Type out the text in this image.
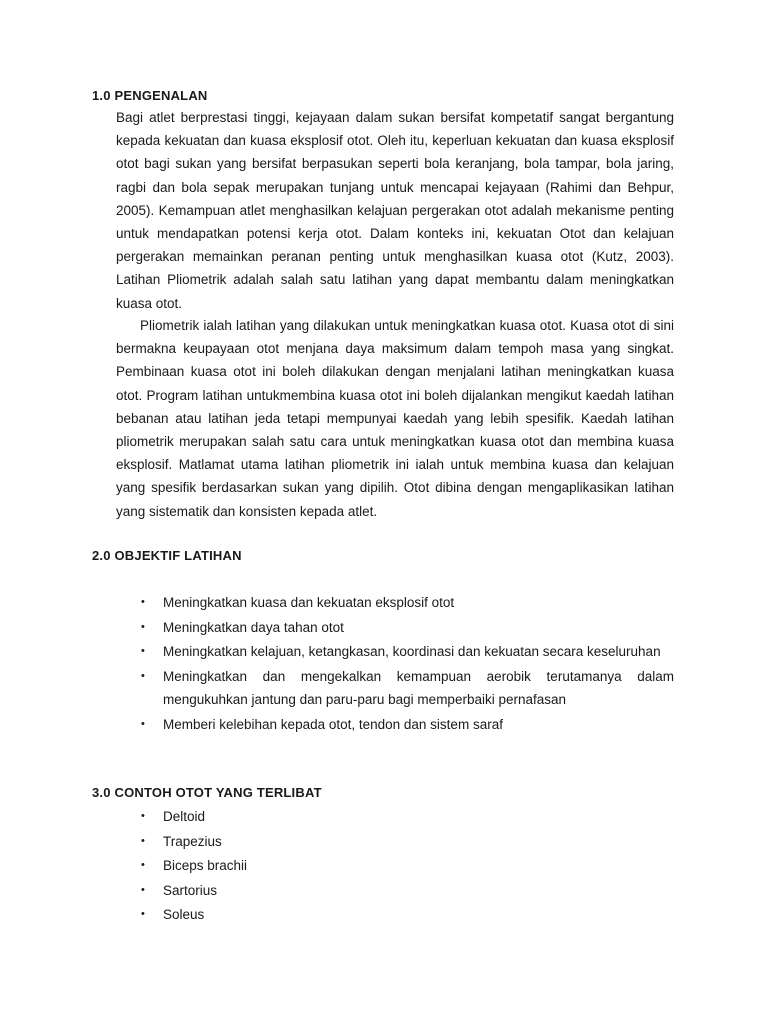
1.0 PENGENALAN

Bagi atlet berprestasi tinggi, kejayaan dalam sukan bersifat kompetatif sangat bergantung kepada kekuatan dan kuasa eksplosif otot. Oleh itu, keperluan kekuatan dan kuasa eksplosif otot bagi sukan yang bersifat berpasukan seperti bola keranjang, bola tampar, bola jaring, ragbi dan bola sepak merupakan tunjang untuk mencapai kejayaan (Rahimi dan Behpur, 2005). Kemampuan atlet menghasilkan kelajuan pergerakan otot adalah mekanisme penting untuk mendapatkan potensi kerja otot. Dalam konteks ini, kekuatan Otot dan kelajuan pergerakan memainkan peranan penting untuk menghasilkan kuasa otot (Kutz, 2003). Latihan Pliometrik adalah salah satu latihan yang dapat membantu dalam meningkatkan kuasa otot.

Pliometrik ialah latihan yang dilakukan untuk meningkatkan kuasa otot. Kuasa otot di sini bermakna keupayaan otot menjana daya maksimum dalam tempoh masa yang singkat. Pembinaan kuasa otot ini boleh dilakukan dengan menjalani latihan meningkatkan kuasa otot. Program latihan untukmembina kuasa otot ini boleh dijalankan mengikut kaedah latihan bebanan atau latihan jeda tetapi mempunyai kaedah yang lebih spesifik. Kaedah latihan pliometrik merupakan salah satu cara untuk meningkatkan kuasa otot dan membina kuasa eksplosif. Matlamat utama latihan pliometrik ini ialah untuk membina kuasa dan kelajuan yang spesifik berdasarkan sukan yang dipilih. Otot dibina dengan mengaplikasikan latihan yang sistematik dan konsisten kepada atlet.

2.0 OBJEKTIF LATIHAN
•	Meningkatkan kuasa dan kekuatan eksplosif otot
•	Meningkatkan daya tahan otot
•	Meningkatkan kelajuan, ketangkasan, koordinasi dan kekuatan secara keseluruhan
•	Meningkatkan dan mengekalkan kemampuan aerobik terutamanya dalam mengukuhkan jantung dan paru-paru bagi memperbaiki pernafasan
•	Memberi kelebihan kepada otot, tendon dan sistem saraf
3.0 CONTOH OTOT YANG TERLIBAT
•	Deltoid
•	Trapezius
•	Biceps brachii
•	Sartorius
•	Soleus
